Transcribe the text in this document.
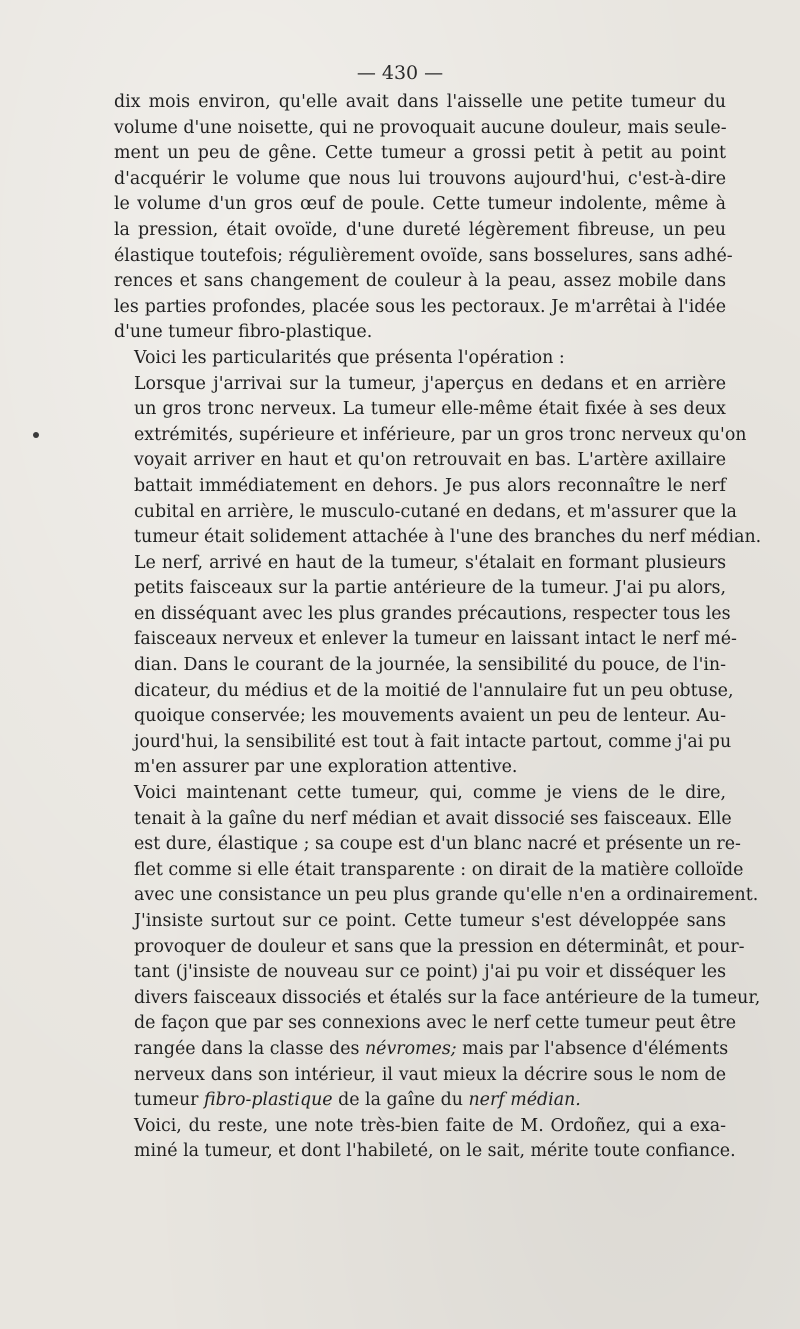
— 430 —
dix mois environ, qu'elle avait dans l'aisselle une petite tumeur du
volume d'une noisette, qui ne provoquait aucune douleur, mais seule-
ment un peu de gêne. Cette tumeur a grossi petit à petit au point
d'acquérir le volume que nous lui trouvons aujourd'hui, c'est-à-dire
le volume d'un gros œuf de poule. Cette tumeur indolente, même à
la pression, était ovoïde, d'une dureté légèrement fibreuse, un peu
élastique toutefois; régulièrement ovoïde, sans bosselures, sans adhé-
rences et sans changement de couleur à la peau, assez mobile dans
les parties profondes, placée sous les pectoraux. Je m'arrêtai à l'idée
d'une tumeur fibro-plastique.
Voici les particularités que présenta l'opération :
Lorsque j'arrivai sur la tumeur, j'aperçus en dedans et en arrière
un gros tronc nerveux. La tumeur elle-même était fixée à ses deux
extrémités, supérieure et inférieure, par un gros tronc nerveux qu'on
voyait arriver en haut et qu'on retrouvait en bas. L'artère axillaire
battait immédiatement en dehors. Je pus alors reconnaître le nerf
cubital en arrière, le musculo-cutané en dedans, et m'assurer que la
tumeur était solidement attachée à l'une des branches du nerf médian.
Le nerf, arrivé en haut de la tumeur, s'étalait en formant plusieurs
petits faisceaux sur la partie antérieure de la tumeur. J'ai pu alors,
en disséquant avec les plus grandes précautions, respecter tous les
faisceaux nerveux et enlever la tumeur en laissant intact le nerf mé-
dian. Dans le courant de la journée, la sensibilité du pouce, de l'in-
dicateur, du médius et de la moitié de l'annulaire fut un peu obtuse,
quoique conservée; les mouvements avaient un peu de lenteur. Au-
jourd'hui, la sensibilité est tout à fait intacte partout, comme j'ai pu
m'en assurer par une exploration attentive.
Voici maintenant cette tumeur, qui, comme je viens de le dire,
tenait à la gaîne du nerf médian et avait dissocié ses faisceaux. Elle
est dure, élastique ; sa coupe est d'un blanc nacré et présente un re-
flet comme si elle était transparente : on dirait de la matière colloïde
avec une consistance un peu plus grande qu'elle n'en a ordinairement.
J'insiste surtout sur ce point. Cette tumeur s'est développée sans
provoquer de douleur et sans que la pression en déterminât, et pour-
tant (j'insiste de nouveau sur ce point) j'ai pu voir et disséquer les
divers faisceaux dissociés et étalés sur la face antérieure de la tumeur,
de façon que par ses connexions avec le nerf cette tumeur peut être
rangée dans la classe des névromes; mais par l'absence d'éléments
nerveux dans son intérieur, il vaut mieux la décrire sous le nom de
tumeur fibro-plastique de la gaîne du nerf médian.
Voici, du reste, une note très-bien faite de M. Ordoñez, qui a exa-
miné la tumeur, et dont l'habileté, on le sait, mérite toute confiance.
